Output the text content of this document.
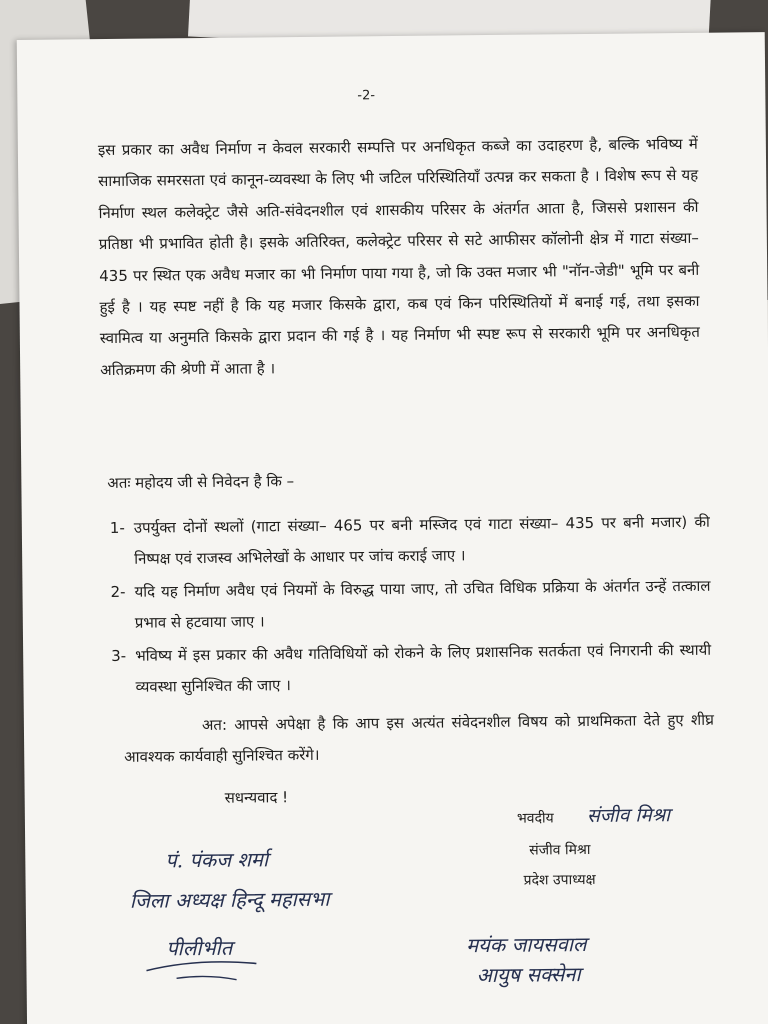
-2-
इस प्रकार का अवैध निर्माण न केवल सरकारी सम्पत्ति पर अनधिकृत कब्जे का उदाहरण है, बल्कि भविष्य में सामाजिक समरसता एवं कानून-व्यवस्था के लिए भी जटिल परिस्थितियाँ उत्पन्न कर सकता है । विशेष रूप से यह निर्माण स्थल कलेक्ट्रेट जैसे अति-संवेदनशील एवं शासकीय परिसर के अंतर्गत आता है, जिससे प्रशासन की प्रतिष्ठा भी प्रभावित होती है। इसके अतिरिक्त, कलेक्ट्रेट परिसर से सटे आफीसर कॉलोनी क्षेत्र में गाटा संख्या– 435 पर स्थित एक अवैध मजार का भी निर्माण पाया गया है, जो कि उक्त मजार भी "नॉन-जेडी" भूमि पर बनी हुई है । यह स्पष्ट नहीं है कि यह मजार किसके द्वारा, कब एवं किन परिस्थितियों में बनाई गई, तथा इसका स्वामित्व या अनुमति किसके द्वारा प्रदान की गई है । यह निर्माण भी स्पष्ट रूप से सरकारी भूमि पर अनधिकृत अतिक्रमण की श्रेणी में आता है ।
अतः महोदय जी से निवेदन है कि –
1- उपर्युक्त दोनों स्थलों (गाटा संख्या– 465 पर बनी मस्जिद एवं गाटा संख्या– 435 पर बनी मजार) की निष्पक्ष एवं राजस्व अभिलेखों के आधार पर जांच कराई जाए ।
2- यदि यह निर्माण अवैध एवं नियमों के विरुद्ध पाया जाए, तो उचित विधिक प्रक्रिया के अंतर्गत उन्हें तत्काल प्रभाव से हटवाया जाए ।
3- भविष्य में इस प्रकार की अवैध गतिविधियों को रोकने के लिए प्रशासनिक सतर्कता एवं निगरानी की स्थायी व्यवस्था सुनिश्चित की जाए ।
अत: आपसे अपेक्षा है कि आप इस अत्यंत संवेदनशील विषय को प्राथमिकता देते हुए शीघ्र आवश्यक कार्यवाही सुनिश्चित करेंगे।
सधन्यवाद !
भवदीय संजीव मिश्रा
संजीव मिश्रा
प्रदेश उपाध्यक्ष
पं. पंकज शर्मा
जिला अध्यक्ष हिन्दू महासभा
पीलीभीत	मयंक जायसवाल
आयुष सक्सेना
